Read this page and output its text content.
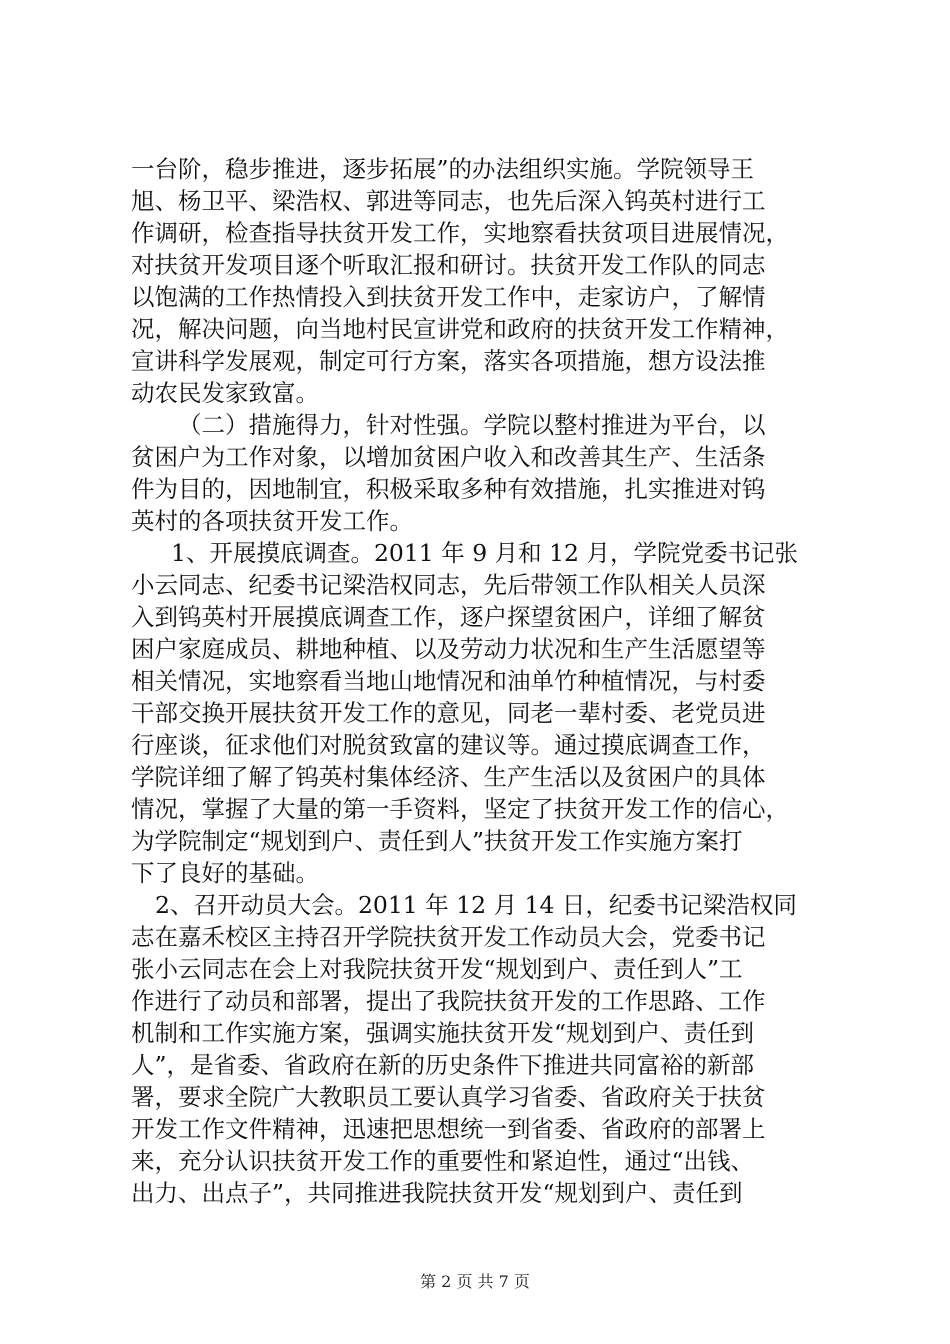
一台阶，稳步推进，逐步拓展”的办法组织实施。学院领导王
旭、杨卫平、梁浩权、郭进等同志，也先后深入钨英村进行工
作调研，检查指导扶贫开发工作，实地察看扶贫项目进展情况，
对扶贫开发项目逐个听取汇报和研讨。扶贫开发工作队的同志
以饱满的工作热情投入到扶贫开发工作中，走家访户，了解情
况，解决问题，向当地村民宣讲党和政府的扶贫开发工作精神，
宣讲科学发展观，制定可行方案，落实各项措施，想方设法推
动农民发家致富。
（二）措施得力，针对性强。学院以整村推进为平台，以
贫困户为工作对象，以增加贫困户收入和改善其生产、生活条
件为目的，因地制宜，积极采取多种有效措施，扎实推进对钨
英村的各项扶贫开发工作。
1、开展摸底调查。2011 年 9 月和 12 月，学院党委书记张
小云同志、纪委书记梁浩权同志，先后带领工作队相关人员深
入到钨英村开展摸底调查工作，逐户探望贫困户，详细了解贫
困户家庭成员、耕地种植、以及劳动力状况和生产生活愿望等
相关情况，实地察看当地山地情况和油单竹种植情况，与村委
干部交换开展扶贫开发工作的意见，同老一辈村委、老党员进
行座谈，征求他们对脱贫致富的建议等。通过摸底调查工作，
学院详细了解了钨英村集体经济、生产生活以及贫困户的具体
情况，掌握了大量的第一手资料，坚定了扶贫开发工作的信心，
为学院制定“规划到户、责任到人”扶贫开发工作实施方案打
下了良好的基础。
2、召开动员大会。2011 年 12 月 14 日，纪委书记梁浩权同
志在嘉禾校区主持召开学院扶贫开发工作动员大会，党委书记
张小云同志在会上对我院扶贫开发“规划到户、责任到人”工
作进行了动员和部署，提出了我院扶贫开发的工作思路、工作
机制和工作实施方案，强调实施扶贫开发“规划到户、责任到
人”，是省委、省政府在新的历史条件下推进共同富裕的新部
署，要求全院广大教职员工要认真学习省委、省政府关于扶贫
开发工作文件精神，迅速把思想统一到省委、省政府的部署上
来，充分认识扶贫开发工作的重要性和紧迫性，通过“出钱、
出力、出点子”，共同推进我院扶贫开发“规划到户、责任到
第 2 页 共 7 页
